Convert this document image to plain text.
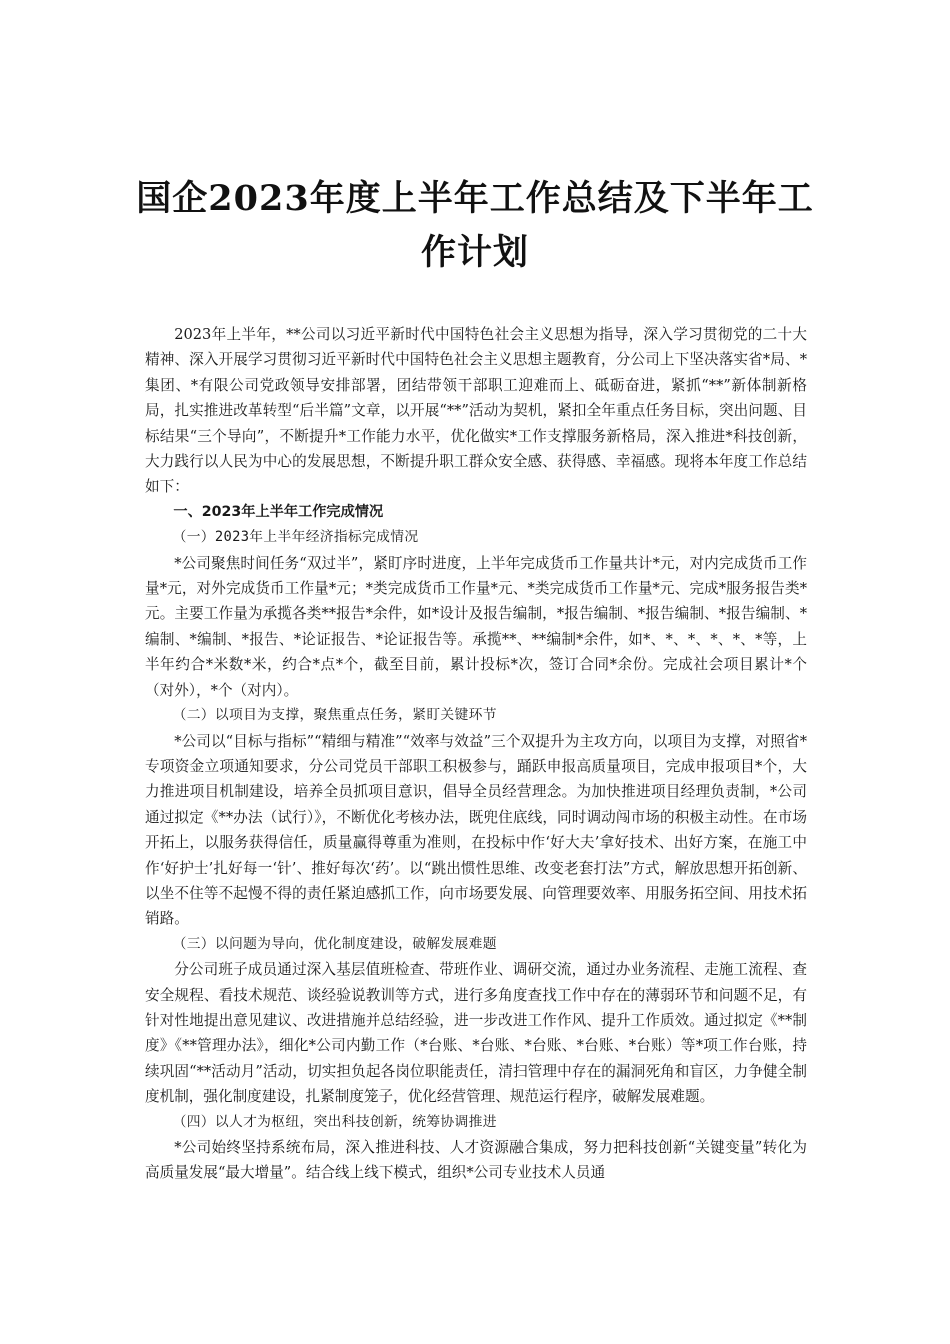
国企2023年度上半年工作总结及下半年工作计划

2023年上半年，**公司以习近平新时代中国特色社会主义思想为指导，深入学习贯彻党的二十大精神、深入开展学习贯彻习近平新时代中国特色社会主义思想主题教育，分公司上下坚决落实省*局、*集团、*有限公司党政领导安排部署，团结带领干部职工迎难而上、砥砺奋进，紧抓“**”新体制新格局，扎实推进改革转型“后半篇”文章，以开展“**”活动为契机，紧扣全年重点任务目标，突出问题、目标结果“三个导向”，不断提升*工作能力水平，优化做实*工作支撑服务新格局，深入推进*科技创新，大力践行以人民为中心的发展思想，不断提升职工群众安全感、获得感、幸福感。现将本年度工作总结如下：

一、2023年上半年工作完成情况

（一）2023年上半年经济指标完成情况

*公司聚焦时间任务“双过半”，紧盯序时进度，上半年完成货币工作量共计*元，对内完成货币工作量*元，对外完成货币工作量*元；*类完成货币工作量*元、*类完成货币工作量*元、完成*服务报告类*元。主要工作量为承揽各类**报告*余件，如*设计及报告编制，*报告编制、*报告编制、*报告编制、*编制、*编制、*报告、*论证报告、*论证报告等。承揽**、**编制*余件，如*、*、*、*、*、*等，上半年约合*米数*米，约合*点*个，截至目前，累计投标*次，签订合同*余份。完成社会项目累计*个（对外），*个（对内）。

（二）以项目为支撑，聚焦重点任务，紧盯关键环节

*公司以“目标与指标”“精细与精准”“效率与效益”三个双提升为主攻方向，以项目为支撑，对照省*专项资金立项通知要求，分公司党员干部职工积极参与，踊跃申报高质量项目，完成申报项目*个，大力推进项目机制建设，培养全员抓项目意识，倡导全员经营理念。为加快推进项目经理负责制，*公司通过拟定《**办法（试行）》，不断优化考核办法，既兜住底线，同时调动闯市场的积极主动性。在市场开拓上，以服务获得信任，质量赢得尊重为准则，在投标中作‘好大夫’拿好技术、出好方案，在施工中作‘好护士’扎好每一‘针’、推好每次‘药’。以“跳出惯性思维、改变老套打法”方式，解放思想开拓创新、以坐不住等不起慢不得的责任紧迫感抓工作，向市场要发展、向管理要效率、用服务拓空间、用技术拓销路。

（三）以问题为导向，优化制度建设，破解发展难题

分公司班子成员通过深入基层值班检查、带班作业、调研交流，通过办业务流程、走施工流程、查安全规程、看技术规范、谈经验说教训等方式，进行多角度查找工作中存在的薄弱环节和问题不足，有针对性地提出意见建议、改进措施并总结经验，进一步改进工作作风、提升工作质效。通过拟定《**制度》《**管理办法》，细化*公司内勤工作（*台账、*台账、*台账、*台账、*台账）等*项工作台账，持续巩固“**活动月”活动，切实担负起各岗位职能责任，清扫管理中存在的漏洞死角和盲区，力争健全制度机制，强化制度建设，扎紧制度笼子，优化经营管理、规范运行程序，破解发展难题。

（四）以人才为枢纽，突出科技创新，统筹协调推进

*公司始终坚持系统布局，深入推进科技、人才资源融合集成，努力把科技创新“关键变量”转化为高质量发展“最大增量”。结合线上线下模式，组织*公司专业技术人员通
